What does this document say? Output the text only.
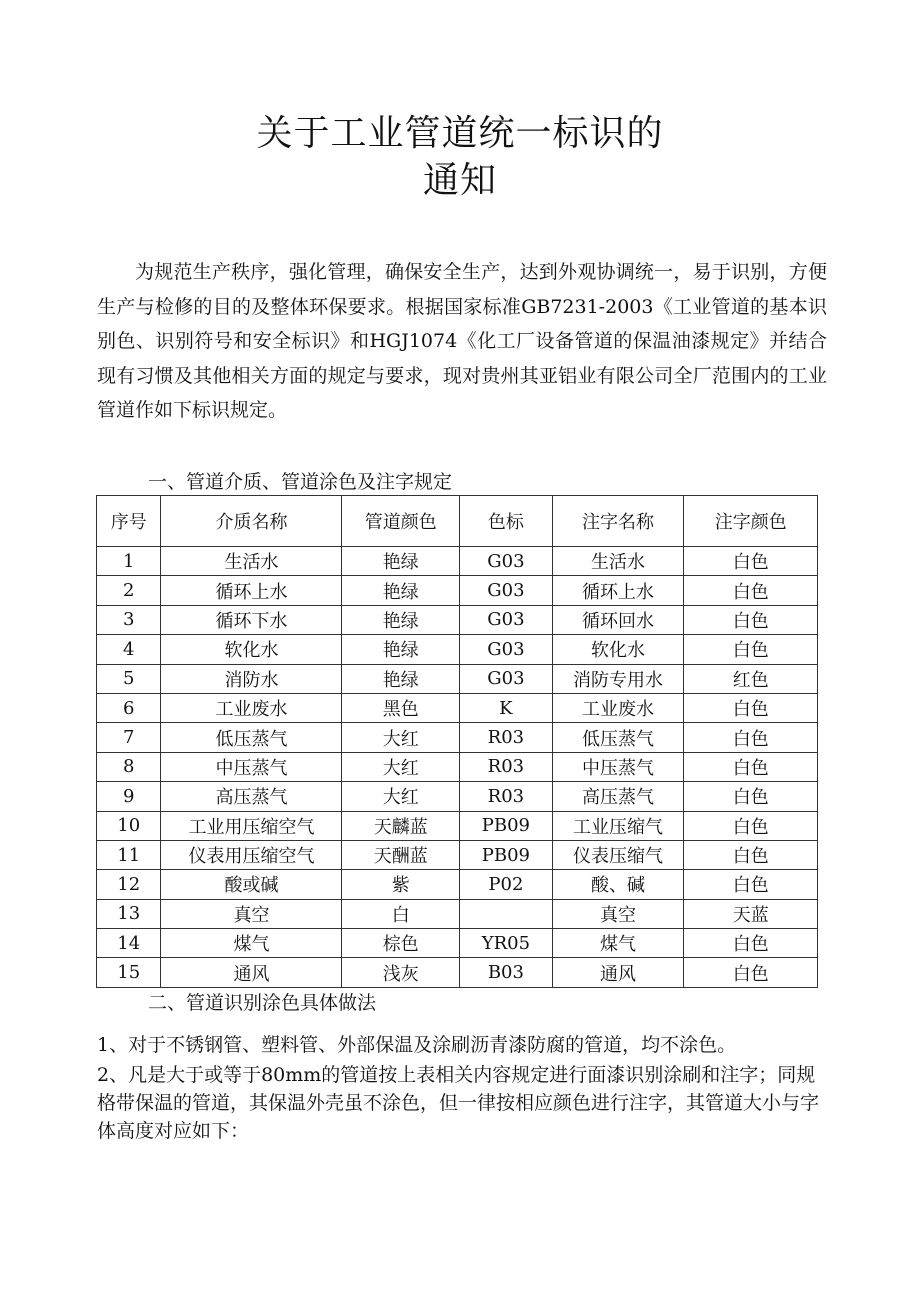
关于工业管道统一标识的
通知
为规范生产秩序，强化管理，确保安全生产，达到外观协调统一，易于识别，方便生产与检修的目的及整体环保要求。根据国家标准GB7231-2003《工业管道的基本识别色、识别符号和安全标识》和HGJ1074《化工厂设备管道的保温油漆规定》并结合现有习惯及其他相关方面的规定与要求，现对贵州其亚铝业有限公司全厂范围内的工业管道作如下标识规定。
一、管道介质、管道涂色及注字规定
序号	介质名称	管道颜色	色标	注字名称	注字颜色
1	生活水	艳绿	G03	生活水	白色
2	循环上水	艳绿	G03	循环上水	白色
3	循环下水	艳绿	G03	循环回水	白色
4	软化水	艳绿	G03	软化水	白色
5	消防水	艳绿	G03	消防专用水	红色
6	工业废水	黑色	K	工业废水	白色
7	低压蒸气	大红	R03	低压蒸气	白色
8	中压蒸气	大红	R03	中压蒸气	白色
9	高压蒸气	大红	R03	高压蒸气	白色
10	工业用压缩空气	天麟蓝	PB09	工业压缩气	白色
11	仪表用压缩空气	天酬蓝	PB09	仪表压缩气	白色
12	酸或碱	紫	P02	酸、碱	白色
13	真空	白		真空	天蓝
14	煤气	棕色	YR05	煤气	白色
15	通风	浅灰	B03	通风	白色
二、管道识别涂色具体做法
1、对于不锈钢管、塑料管、外部保温及涂刷沥青漆防腐的管道，均不涂色。
2、凡是大于或等于80mm的管道按上表相关内容规定进行面漆识别涂刷和注字；同规格带保温的管道，其保温外壳虽不涂色，但一律按相应颜色进行注字，其管道大小与字体高度对应如下：
